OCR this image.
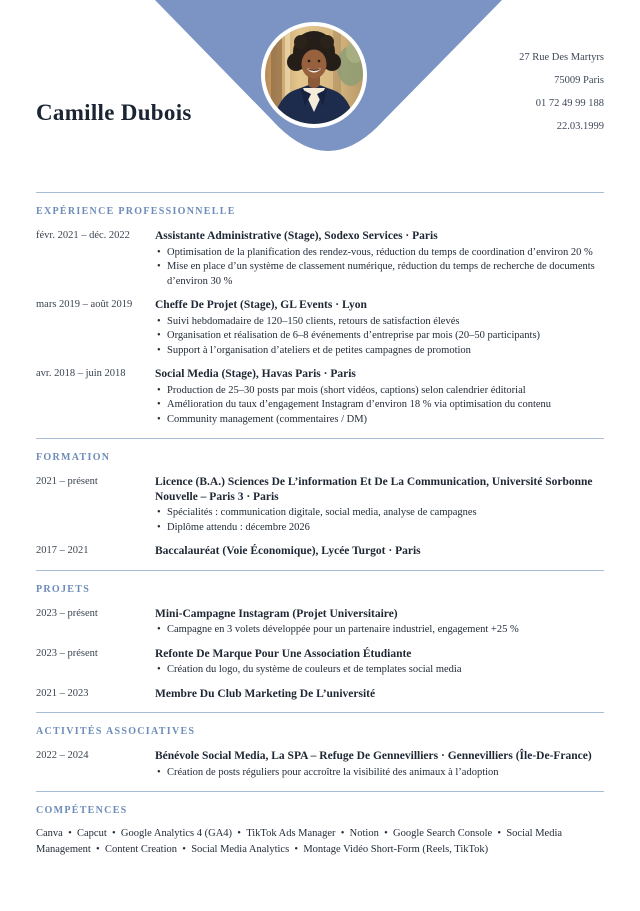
Camille Dubois
27 Rue Des Martyrs
75009 Paris
01 72 49 99 188
22.03.1999
EXPÉRIENCE PROFESSIONNELLE
févr. 2021 – déc. 2022	Assistante Administrative (Stage), Sodexo Services · Paris
• Optimisation de la planification des rendez-vous, réduction du temps de coordination d’environ 20 %
• Mise en place d’un système de classement numérique, réduction du temps de recherche de documents d’environ 30 %
mars 2019 – août 2019	Cheffe De Projet (Stage), GL Events · Lyon
• Suivi hebdomadaire de 120–150 clients, retours de satisfaction élevés
• Organisation et réalisation de 6–8 événements d’entreprise par mois (20–50 participants)
• Support à l’organisation d’ateliers et de petites campagnes de promotion
avr. 2018 – juin 2018	Social Media (Stage), Havas Paris · Paris
• Production de 25–30 posts par mois (short vidéos, captions) selon calendrier éditorial
• Amélioration du taux d’engagement Instagram d’environ 18 % via optimisation du contenu
• Community management (commentaires / DM)
FORMATION
2021 – présent	Licence (B.A.) Sciences De L’information Et De La Communication, Université Sorbonne Nouvelle – Paris 3 · Paris
• Spécialités : communication digitale, social media, analyse de campagnes
• Diplôme attendu : décembre 2026
2017 – 2021	Baccalauréat (Voie Économique), Lycée Turgot · Paris
PROJETS
2023 – présent	Mini-Campagne Instagram (Projet Universitaire)
• Campagne en 3 volets développée pour un partenaire industriel, engagement +25 %
2023 – présent	Refonte De Marque Pour Une Association Étudiante
• Création du logo, du système de couleurs et de templates social media
2021 – 2023	Membre Du Club Marketing De L’université
ACTIVITÉS ASSOCIATIVES
2022 – 2024	Bénévole Social Media, La SPA – Refuge De Gennevilliers · Gennevilliers (Île-De-France)
• Création de posts réguliers pour accroître la visibilité des animaux à l’adoption
COMPÉTENCES
Canva • Capcut • Google Analytics 4 (GA4) • TikTok Ads Manager • Notion • Google Search Console • Social Media Management • Content Creation • Social Media Analytics • Montage Vidéo Short-Form (Reels, TikTok)
